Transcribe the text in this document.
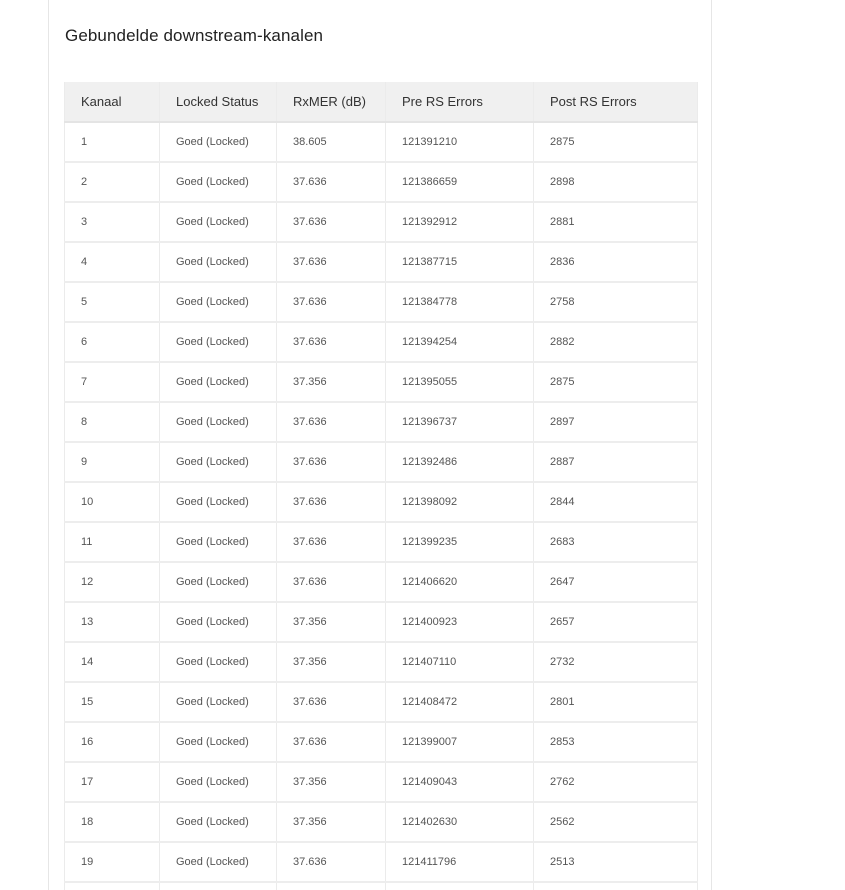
Gebundelde downstream-kanalen
Kanaal	Locked Status	RxMER (dB)	Pre RS Errors	Post RS Errors
1	Goed (Locked)	38.605	121391210	2875
2	Goed (Locked)	37.636	121386659	2898
3	Goed (Locked)	37.636	121392912	2881
4	Goed (Locked)	37.636	121387715	2836
5	Goed (Locked)	37.636	121384778	2758
6	Goed (Locked)	37.636	121394254	2882
7	Goed (Locked)	37.356	121395055	2875
8	Goed (Locked)	37.636	121396737	2897
9	Goed (Locked)	37.636	121392486	2887
10	Goed (Locked)	37.636	121398092	2844
11	Goed (Locked)	37.636	121399235	2683
12	Goed (Locked)	37.636	121406620	2647
13	Goed (Locked)	37.356	121400923	2657
14	Goed (Locked)	37.356	121407110	2732
15	Goed (Locked)	37.636	121408472	2801
16	Goed (Locked)	37.636	121399007	2853
17	Goed (Locked)	37.356	121409043	2762
18	Goed (Locked)	37.356	121402630	2562
19	Goed (Locked)	37.636	121411796	2513
